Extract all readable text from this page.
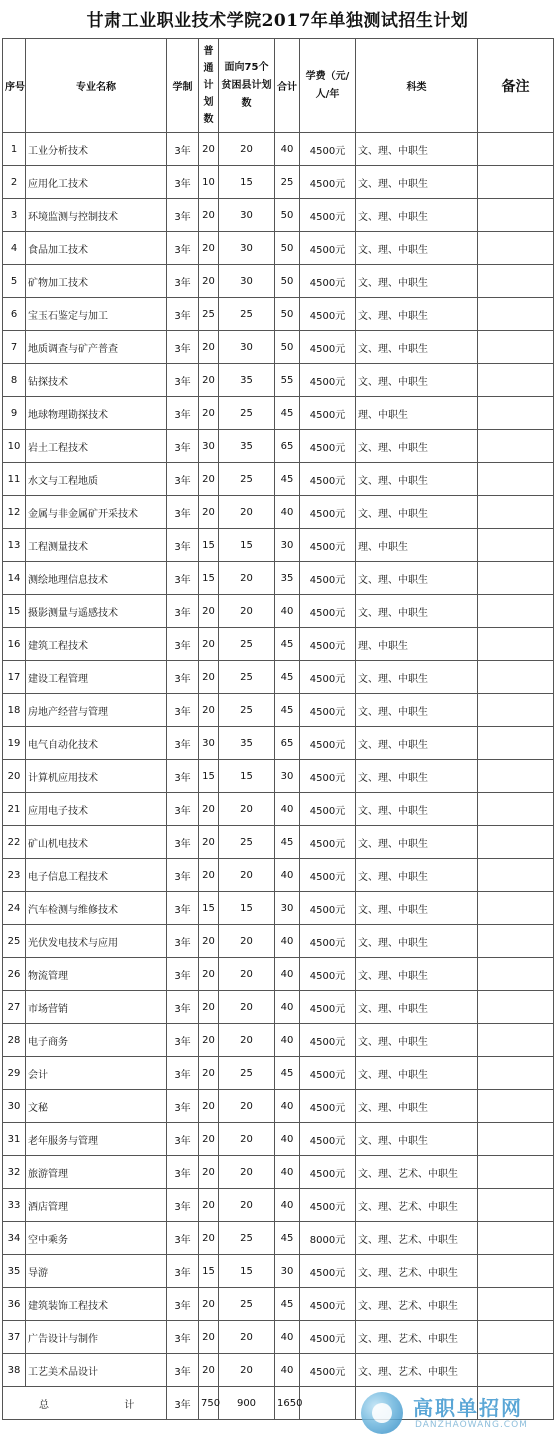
甘肃工业职业技术学院2017年单独测试招生计划
序号	专业名称	学制	普通计划数	面向75个贫困县计划数	合计	学费（元/人/年	科类	备注
1	工业分析技术	3年	20	20	40	4500元	文、理、中职生	
2	应用化工技术	3年	10	15	25	4500元	文、理、中职生	
3	环境监测与控制技术	3年	20	30	50	4500元	文、理、中职生	
4	食品加工技术	3年	20	30	50	4500元	文、理、中职生	
5	矿物加工技术	3年	20	30	50	4500元	文、理、中职生	
6	宝玉石鉴定与加工	3年	25	25	50	4500元	文、理、中职生	
7	地质调查与矿产普查	3年	20	30	50	4500元	文、理、中职生	
8	钻探技术	3年	20	35	55	4500元	文、理、中职生	
9	地球物理勘探技术	3年	20	25	45	4500元	理、中职生	
10	岩土工程技术	3年	30	35	65	4500元	文、理、中职生	
11	水文与工程地质	3年	20	25	45	4500元	文、理、中职生	
12	金属与非金属矿开采技术	3年	20	20	40	4500元	文、理、中职生	
13	工程测量技术	3年	15	15	30	4500元	理、中职生	
14	测绘地理信息技术	3年	15	20	35	4500元	文、理、中职生	
15	摄影测量与遥感技术	3年	20	20	40	4500元	文、理、中职生	
16	建筑工程技术	3年	20	25	45	4500元	理、中职生	
17	建设工程管理	3年	20	25	45	4500元	文、理、中职生	
18	房地产经营与管理	3年	20	25	45	4500元	文、理、中职生	
19	电气自动化技术	3年	30	35	65	4500元	文、理、中职生	
20	计算机应用技术	3年	15	15	30	4500元	文、理、中职生	
21	应用电子技术	3年	20	20	40	4500元	文、理、中职生	
22	矿山机电技术	3年	20	25	45	4500元	文、理、中职生	
23	电子信息工程技术	3年	20	20	40	4500元	文、理、中职生	
24	汽车检测与维修技术	3年	15	15	30	4500元	文、理、中职生	
25	光伏发电技术与应用	3年	20	20	40	4500元	文、理、中职生	
26	物流管理	3年	20	20	40	4500元	文、理、中职生	
27	市场营销	3年	20	20	40	4500元	文、理、中职生	
28	电子商务	3年	20	20	40	4500元	文、理、中职生	
29	会计	3年	20	25	45	4500元	文、理、中职生	
30	文秘	3年	20	20	40	4500元	文、理、中职生	
31	老年服务与管理	3年	20	20	40	4500元	文、理、中职生	
32	旅游管理	3年	20	20	40	4500元	文、理、艺术、中职生	
33	酒店管理	3年	20	20	40	4500元	文、理、艺术、中职生	
34	空中乘务	3年	20	25	45	8000元	文、理、艺术、中职生	
35	导游	3年	15	15	30	4500元	文、理、艺术、中职生	
36	建筑装饰工程技术	3年	20	25	45	4500元	文、理、艺术、中职生	
37	广告设计与制作	3年	20	20	40	4500元	文、理、艺术、中职生	
38	工艺美术品设计	3年	20	20	40	4500元	文、理、艺术、中职生	
总 计		3年	750	900	1650				高职单招网
DANZHAOWANG.COM
